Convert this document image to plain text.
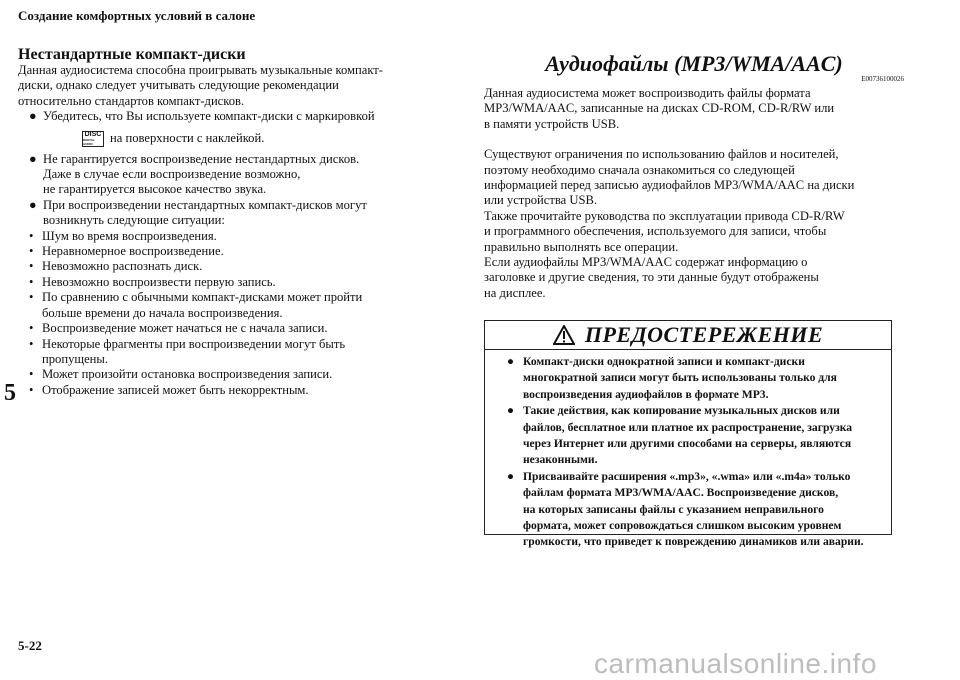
Создание комфортных условий в салоне
5
5-22
carmanualsonline.info
Нестандартные компакт-диски
Данная аудиосистема способна проигрывать музыкальные компакт-
диски, однако следует учитывать следующие рекомендации
относительно стандартов компакт-дисков.
● Убедитесь, что Вы используете компакт-диски с маркировкой
DISC
DIGITAL AUDIO	на поверхности с наклейкой.
● Не гарантируется воспроизведение нестандартных дисков.
Даже в случае если воспроизведение возможно,
не гарантируется высокое качество звука.
● При воспроизведении нестандартных компакт-дисков могут
возникнуть следующие ситуации:
• Шум во время воспроизведения.
• Неравномерное воспроизведение.
• Невозможно распознать диск.
• Невозможно воспроизвести первую запись.
• По сравнению с обычными компакт-дисками может пройти
больше времени до начала воспроизведения.
• Воспроизведение может начаться не с начала записи.
• Некоторые фрагменты при воспроизведении могут быть
пропущены.
• Может произойти остановка воспроизведения записи.
• Отображение записей может быть некорректным.
Аудиофайлы (MP3/WMA/AAC)
E00736100026
Данная аудиосистема может воспроизводить файлы формата
MP3/WMA/AAC, записанные на дисках CD-ROM, CD-R/RW или
в памяти устройств USB.
Существуют ограничения по использованию файлов и носителей,
поэтому необходимо сначала ознакомиться со следующей
информацией перед записью аудиофайлов MP3/WMA/AAC на диски
или устройства USB.
Также прочитайте руководства по эксплуатации привода CD-R/RW
и программного обеспечения, используемого для записи, чтобы
правильно выполнять все операции.
Если аудиофайлы MP3/WMA/AAC содержат информацию о
заголовке и другие сведения, то эти данные будут отображены
на дисплее.
ПРЕДОСТЕРЕЖЕНИЕ
● Компакт-диски однократной записи и компакт-диски
многократной записи могут быть использованы только для
воспроизведения аудиофайлов в формате MP3.
● Такие действия, как копирование музыкальных дисков или
файлов, бесплатное или платное их распространение, загрузка
через Интернет или другими способами на серверы, являются
незаконными.
● Присваивайте расширения «.mp3», «.wma» или «.m4a» только
файлам формата MP3/WMA/AAC. Воспроизведение дисков,
на которых записаны файлы с указанием неправильного
формата, может сопровождаться слишком высоким уровнем
громкости, что приведет к повреждению динамиков или аварии.
